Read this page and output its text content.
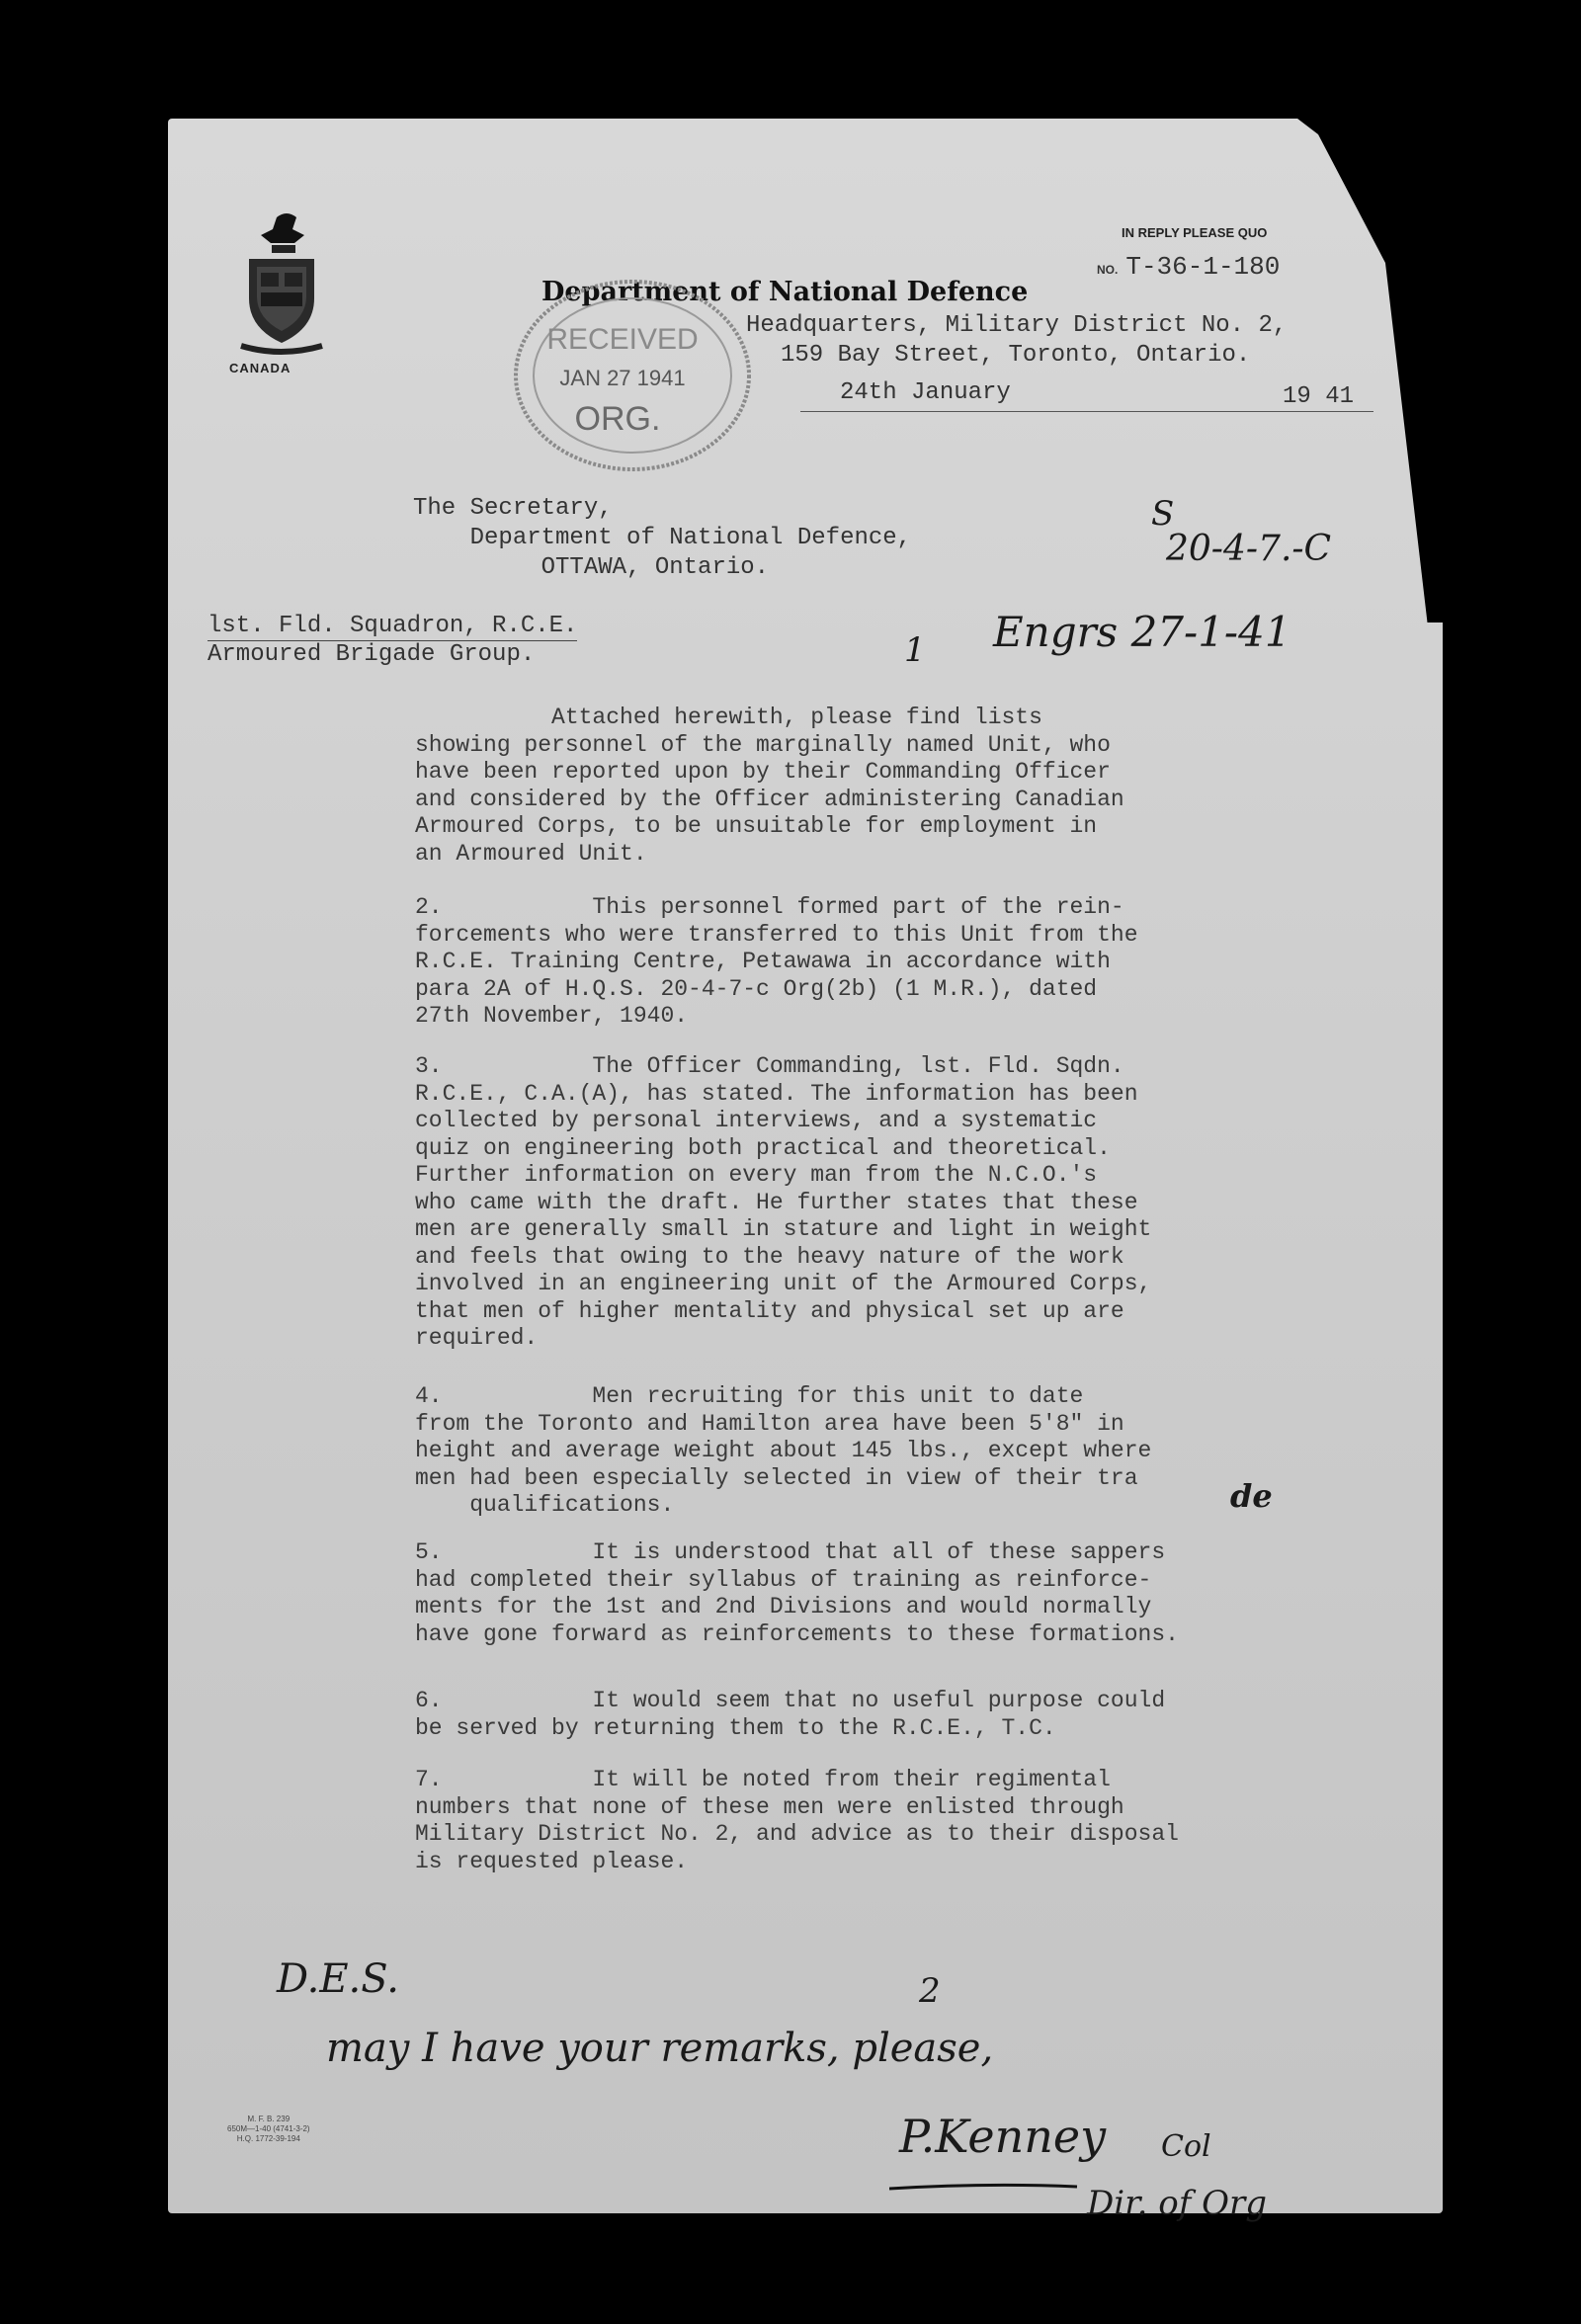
CANADA
Department of National Defence
IN REPLY PLEASE QUO
NO. T-36-1-180
Headquarters, Military District No. 2,
159 Bay Street, Toronto, Ontario.
24th January	19 41
RECEIVED
JAN 27 1941
ORG.
The Secretary,
Department of National Defence,
OTTAWA, Ontario.
S
20-4-7.-C
1 Engrs 27-1-41
lst. Fld. Squadron, R.C.E.
Armoured Brigade Group.
Attached herewith, please find lists
showing personnel of the marginally named Unit, who
have been reported upon by their Commanding Officer
and considered by the Officer administering Canadian
Armoured Corps, to be unsuitable for employment in
an Armoured Unit.
2.           This personnel formed part of the rein-
forcements who were transferred to this Unit from the
R.C.E. Training Centre, Petawawa in accordance with
para 2A of H.Q.S. 20-4-7-c Org(2b) (1 M.R.), dated
27th November, 1940.
3.           The Officer Commanding, lst. Fld. Sqdn.
R.C.E., C.A.(A), has stated. The information has been
collected by personal interviews, and a systematic
quiz on engineering both practical and theoretical.
Further information on every man from the N.C.O.'s
who came with the draft. He further states that these
men are generally small in stature and light in weight
and feels that owing to the heavy nature of the work
involved in an engineering unit of the Armoured Corps,
that men of higher mentality and physical set up are
required.
4.           Men recruiting for this unit to date
from the Toronto and Hamilton area have been 5'8" in
height and average weight about 145 lbs., except where
men had been especially selected in view of their tra
qualifications.	de
5.           It is understood that all of these sappers
had completed their syllabus of training as reinforce-
ments for the 1st and 2nd Divisions and would normally
have gone forward as reinforcements to these formations.
6.           It would seem that no useful purpose could
be served by returning them to the R.C.E., T.C.
7.           It will be noted from their regimental
numbers that none of these men were enlisted through
Military District No. 2, and advice as to their disposal
is requested please.
2
D.E.S.
may I have your remarks, please,
P.Kenney Col
Dir. of Org
M. F. B. 239
650M—1-40 (4741-3-2)
H.Q. 1772-39-194
